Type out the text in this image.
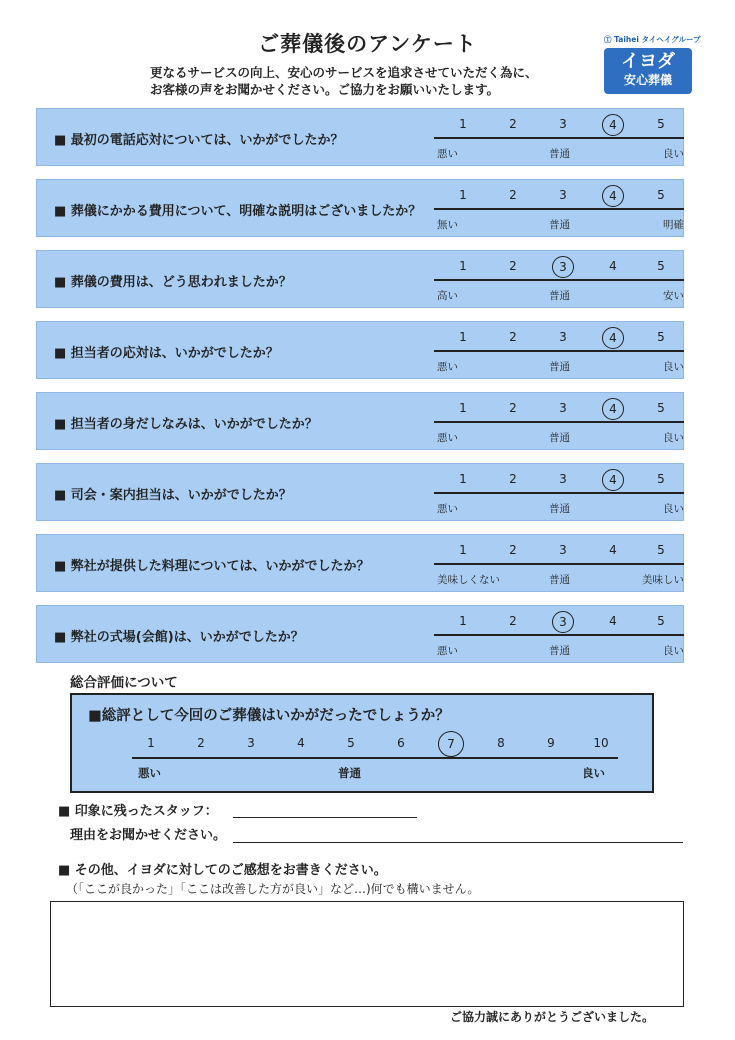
ご葬儀後のアンケート
更なるサービスの向上、安心のサービスを追求させていただく為に、
お客様の声をお聞かせください。ご協力をお願いいたします。
Ⓣ Taihei タイヘイグループ
イヨダ
安心葬儀
■ 最初の電話応対については、いかがでしたか？
1	2	3	4	5
悪い	普通	良い
■ 葬儀にかかる費用について、明確な説明はございましたか？
1	2	3	4	5
無い	普通	明確
■ 葬儀の費用は、どう思われましたか？
1	2	3	4	5
高い	普通	安い
■ 担当者の応対は、いかがでしたか？
1	2	3	4	5
悪い	普通	良い
■ 担当者の身だしなみは、いかがでしたか？
1	2	3	4	5
悪い	普通	良い
■ 司会・案内担当は、いかがでしたか？
1	2	3	4	5
悪い	普通	良い
■ 弊社が提供した料理については、いかがでしたか？
1	2	3	4	5
美味しくない	普通	美味しい
■ 弊社の式場(会館)は、いかがでしたか？
1	2	3	4	5
悪い	普通	良い
総合評価について
■総評として今回のご葬儀はいかがだったでしょうか？
1	2	3	4	5	6	7	8	9	10
悪い	普通	良い
■ 印象に残ったスタッフ：
理由をお聞かせください。
■ その他、イヨダに対してのご感想をお書きください。
（「ここが良かった」「ここは改善した方が良い」など…)何でも構いません。
ご協力誠にありがとうございました。
